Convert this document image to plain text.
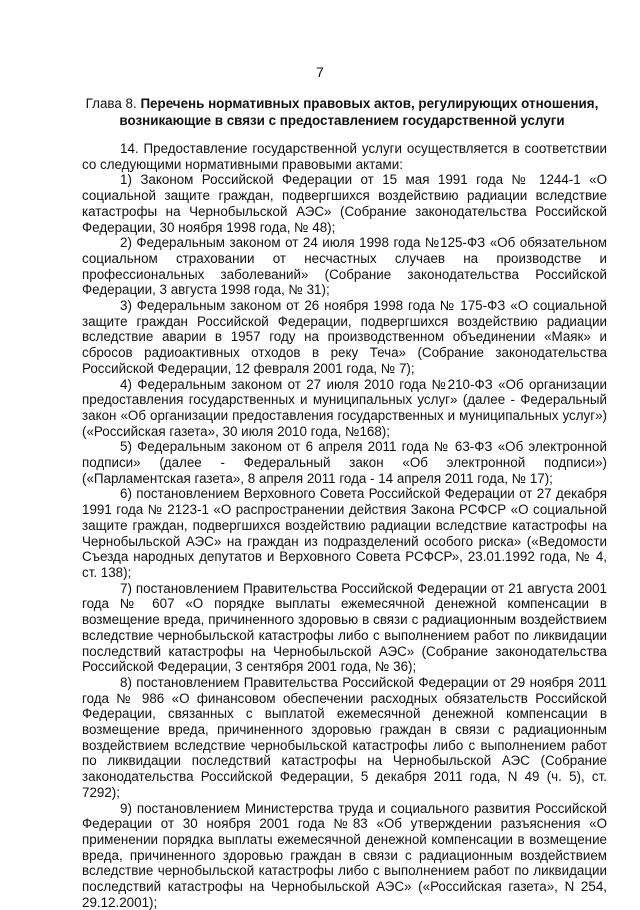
7
Глава 8. Перечень нормативных правовых актов, регулирующих отношения, возникающие в связи с предоставлением государственной услуги

14. Предоставление государственной услуги осуществляется в соответствии со следующими нормативными правовыми актами:

1) Законом Российской Федерации от 15 мая 1991 года № 1244-1 «О социальной защите граждан, подвергшихся воздействию радиации вследствие катастрофы на Чернобыльской АЭС» (Собрание законодательства Российской Федерации, 30 ноября 1998 года, № 48);

2) Федеральным законом от 24 июля 1998 года №125-ФЗ «Об обязательном социальном страховании от несчастных случаев на производстве и профессиональных заболеваний» (Собрание законодательства Российской Федерации, 3 августа 1998 года, № 31);

3) Федеральным законом от 26 ноября 1998 года № 175-ФЗ «О социальной защите граждан Российской Федерации, подвергшихся воздействию радиации вследствие аварии в 1957 году на производственном объединении «Маяк» и сбросов радиоактивных отходов в реку Теча» (Собрание законодательства Российской Федерации, 12 февраля 2001 года, № 7);

4) Федеральным законом от 27 июля 2010 года №210-ФЗ «Об организации предоставления государственных и муниципальных услуг» (далее - Федеральный закон «Об организации предоставления государственных и муниципальных услуг») («Российская газета», 30 июля 2010 года, №168);

5) Федеральным законом от 6 апреля 2011 года № 63-ФЗ «Об электронной подписи» (далее - Федеральный закон «Об электронной подписи») («Парламентская газета», 8 апреля 2011 года - 14 апреля 2011 года, № 17);

6) постановлением Верховного Совета Российской Федерации от 27 декабря 1991 года № 2123-1 «О распространении действия Закона РСФСР «О социальной защите граждан, подвергшихся воздействию радиации вследствие катастрофы на Чернобыльской АЭС» на граждан из подразделений особого риска» («Ведомости Съезда народных депутатов и Верховного Совета РСФСР», 23.01.1992 года, № 4, ст. 138);

7) постановлением Правительства Российской Федерации от 21 августа 2001 года № 607 «О порядке выплаты ежемесячной денежной компенсации в возмещение вреда, причиненного здоровью в связи с радиационным воздействием вследствие чернобыльской катастрофы либо с выполнением работ по ликвидации последствий катастрофы на Чернобыльской АЭС» (Собрание законодательства Российской Федерации, 3 сентября 2001 года, № 36);

8) постановлением Правительства Российской Федерации от 29 ноября 2011 года № 986 «О финансовом обеспечении расходных обязательств Российской Федерации, связанных с выплатой ежемесячной денежной компенсации в возмещение вреда, причиненного здоровью граждан в связи с радиационным воздействием вследствие чернобыльской катастрофы либо с выполнением работ по ликвидации последствий катастрофы на Чернобыльской АЭС (Собрание законодательства Российской Федерации, 5 декабря 2011 года, N 49 (ч. 5), ст. 7292);

9) постановлением Министерства труда и социального развития Российской Федерации от 30 ноября 2001 года №83 «Об утверждении разъяснения «О применении порядка выплаты ежемесячной денежной компенсации в возмещение вреда, причиненного здоровью граждан в связи с радиационным воздействием вследствие чернобыльской катастрофы либо с выполнением работ по ликвидации последствий катастрофы на Чернобыльской АЭС» («Российская газета», N 254, 29.12.2001);
